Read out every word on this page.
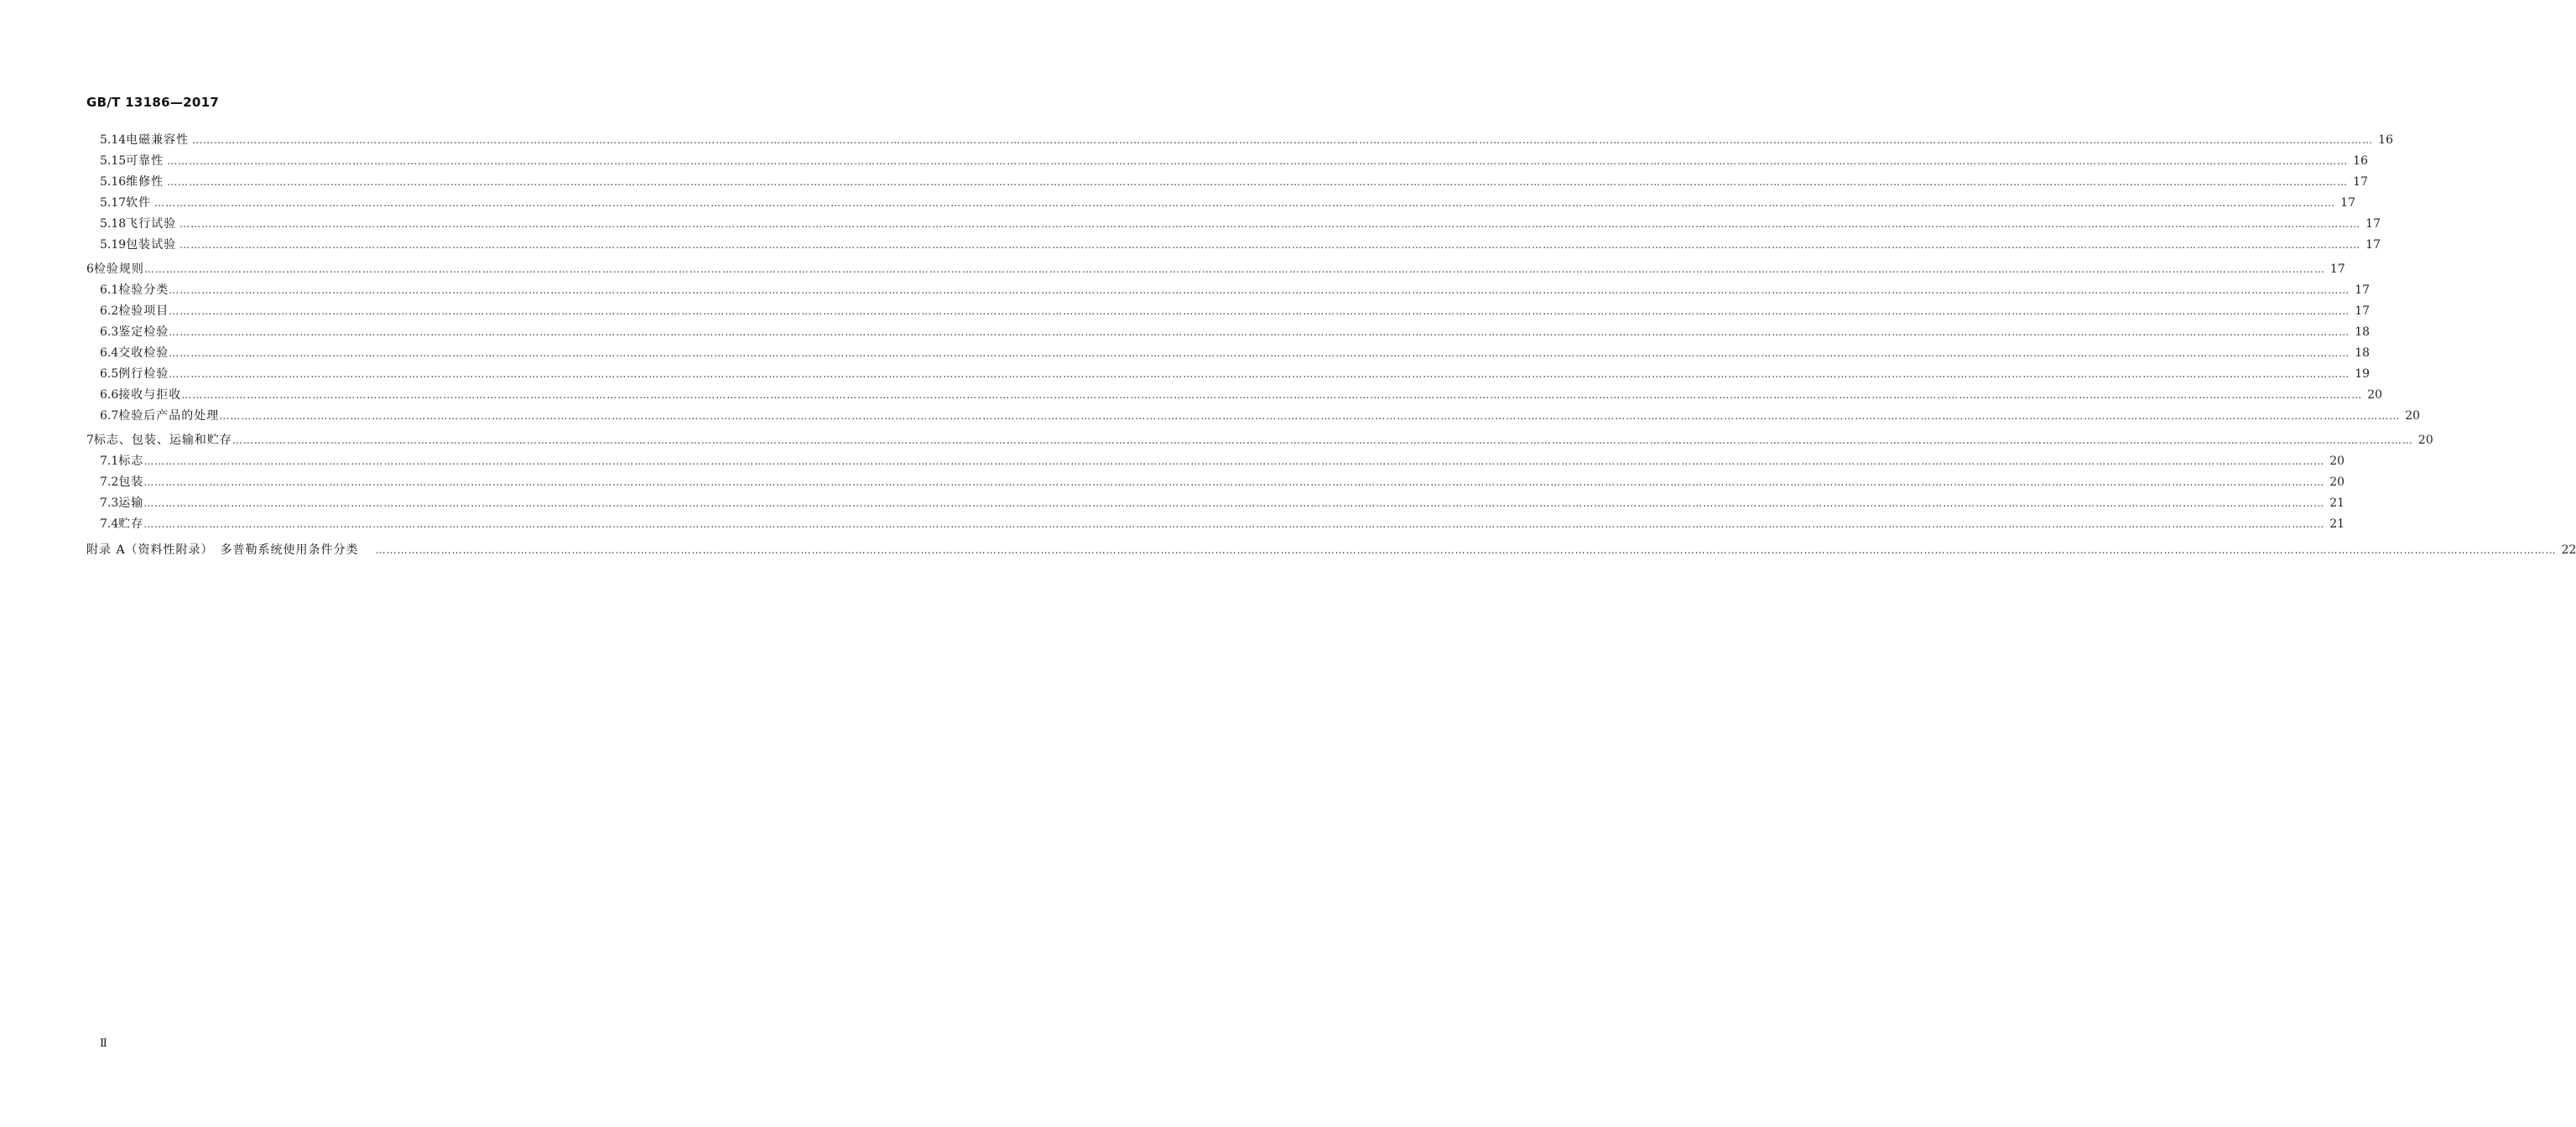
GB/T 13186—2017
5.14 电磁兼容性 …………………………………………………………………………………………………………………………………………………………………………………………………………………………………………………………………………………………………………………………………………………………………………………………………………………………………………………………………………………………………………………………………………………… 16
5.15 可靠性 …………………………………………………………………………………………………………………………………………………………………………………………………………………………………………………………………………………………………………………………………………………………………………………………………………………………………………………………………………………………………………………………………………………… 16
5.16 维修性 …………………………………………………………………………………………………………………………………………………………………………………………………………………………………………………………………………………………………………………………………………………………………………………………………………………………………………………………………………………………………………………………………………………… 17
5.17 软件 …………………………………………………………………………………………………………………………………………………………………………………………………………………………………………………………………………………………………………………………………………………………………………………………………………………………………………………………………………………………………………………………………………………… 17
5.18 飞行试验 …………………………………………………………………………………………………………………………………………………………………………………………………………………………………………………………………………………………………………………………………………………………………………………………………………………………………………………………………………………………………………………………………………………… 17
5.19 包装试验 …………………………………………………………………………………………………………………………………………………………………………………………………………………………………………………………………………………………………………………………………………………………………………………………………………………………………………………………………………………………………………………………………………………… 17
6 检验规则 …………………………………………………………………………………………………………………………………………………………………………………………………………………………………………………………………………………………………………………………………………………………………………………………………………………………………………………………………………………………………………………………………………………… 17
6.1 检验分类 …………………………………………………………………………………………………………………………………………………………………………………………………………………………………………………………………………………………………………………………………………………………………………………………………………………………………………………………………………………………………………………………………………………… 17
6.2 检验项目 …………………………………………………………………………………………………………………………………………………………………………………………………………………………………………………………………………………………………………………………………………………………………………………………………………………………………………………………………………………………………………………………………………………… 17
6.3 鉴定检验 …………………………………………………………………………………………………………………………………………………………………………………………………………………………………………………………………………………………………………………………………………………………………………………………………………………………………………………………………………………………………………………………………………………… 18
6.4 交收检验 …………………………………………………………………………………………………………………………………………………………………………………………………………………………………………………………………………………………………………………………………………………………………………………………………………………………………………………………………………………………………………………………………………………… 18
6.5 例行检验 …………………………………………………………………………………………………………………………………………………………………………………………………………………………………………………………………………………………………………………………………………………………………………………………………………………………………………………………………………………………………………………………………………………… 19
6.6 接收与拒收 …………………………………………………………………………………………………………………………………………………………………………………………………………………………………………………………………………………………………………………………………………………………………………………………………………………………………………………………………………………………………………………………………………………… 20
6.7 检验后产品的处理 …………………………………………………………………………………………………………………………………………………………………………………………………………………………………………………………………………………………………………………………………………………………………………………………………………………………………………………………………………………………………………………………………………………… 20
7 标志、包装、运输和贮存 …………………………………………………………………………………………………………………………………………………………………………………………………………………………………………………………………………………………………………………………………………………………………………………………………………………………………………………………………………………………………………………………………………………… 20
7.1 标志 …………………………………………………………………………………………………………………………………………………………………………………………………………………………………………………………………………………………………………………………………………………………………………………………………………………………………………………………………………………………………………………………………………………… 20
7.2 包装 …………………………………………………………………………………………………………………………………………………………………………………………………………………………………………………………………………………………………………………………………………………………………………………………………………………………………………………………………………………………………………………………………………………… 20
7.3 运输 …………………………………………………………………………………………………………………………………………………………………………………………………………………………………………………………………………………………………………………………………………………………………………………………………………………………………………………………………………………………………………………………………………………… 21
7.4 贮存 …………………………………………………………………………………………………………………………………………………………………………………………………………………………………………………………………………………………………………………………………………………………………………………………………………………………………………………………………………………………………………………………………………………… 21
附录 A（资料性附录）　多普勒系统使用条件分类 …………………………………………………………………………………………………………………………………………………………………………………………………………………………………………………………………………………………………………………………………………………………………………………………………………………………………………………………………………………………………………………………………………………… 22
Ⅱ
